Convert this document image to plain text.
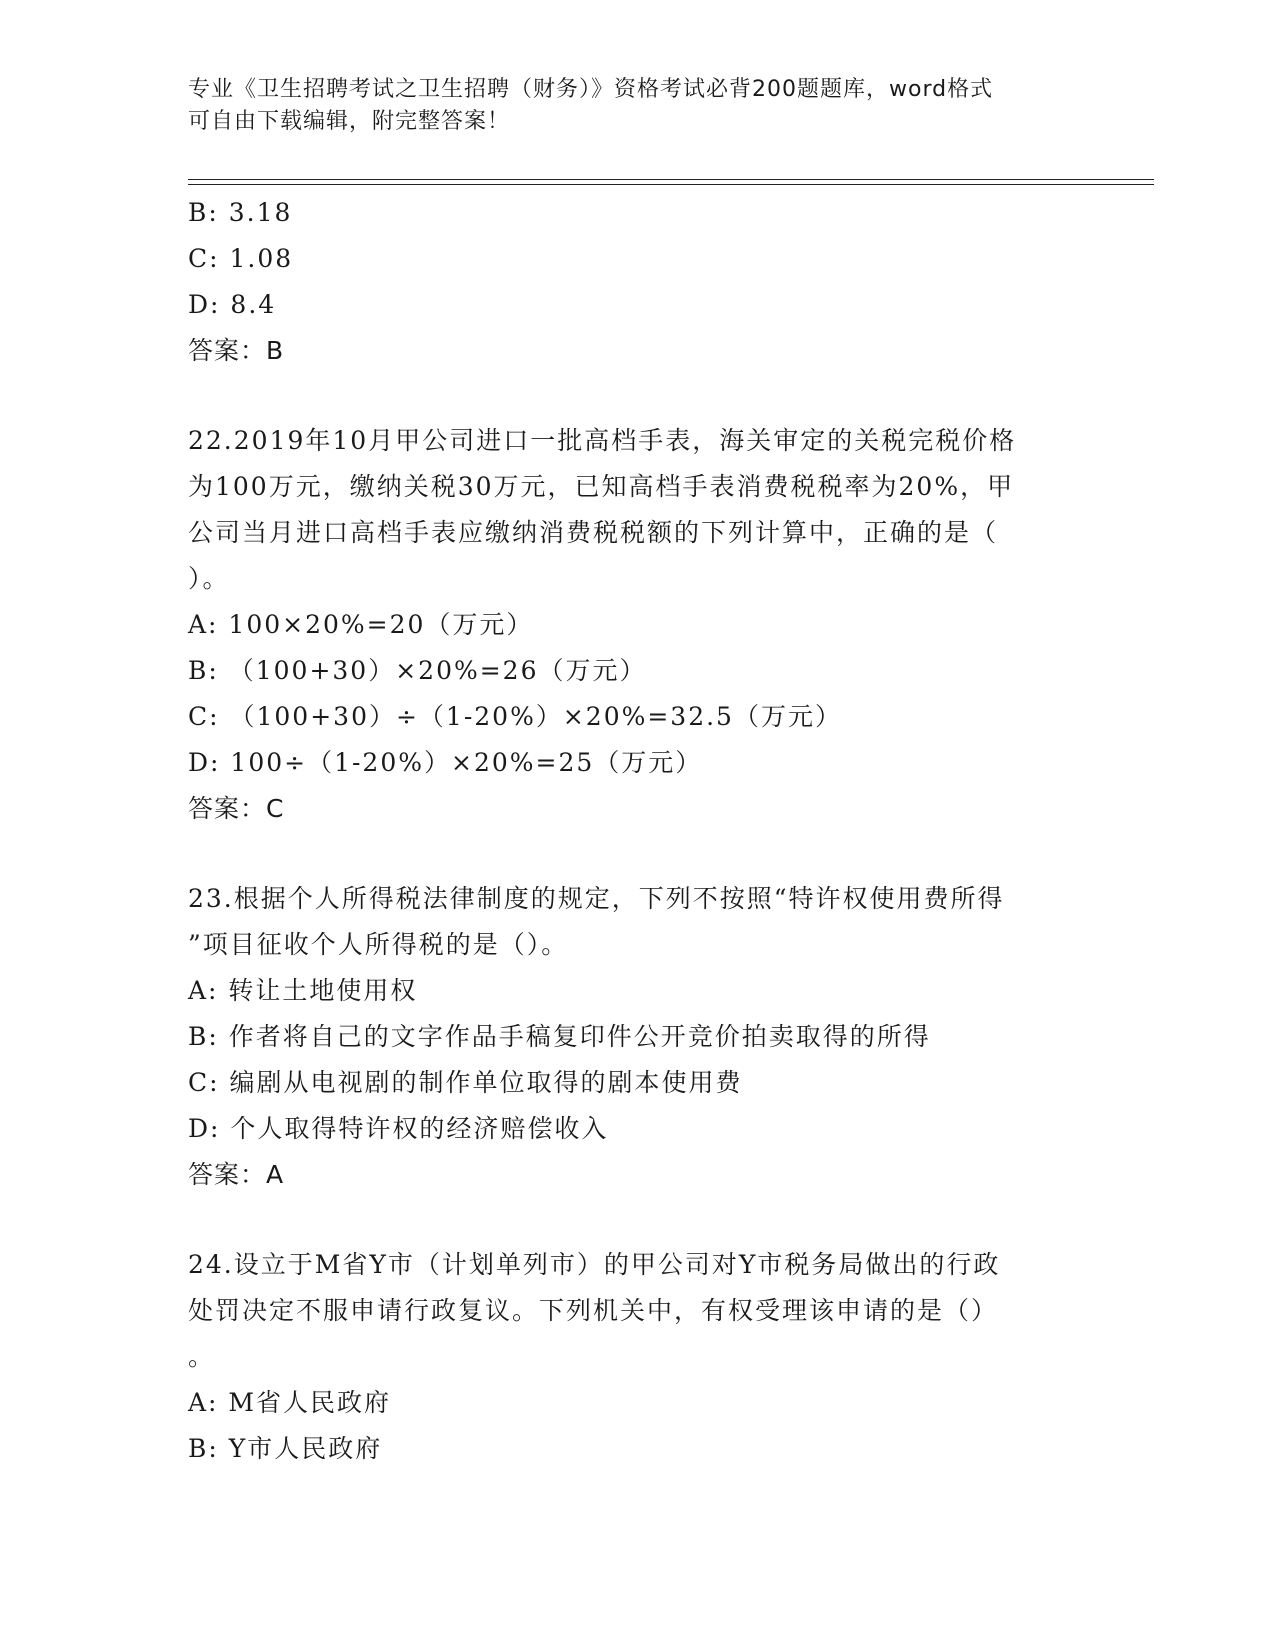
专业《卫生招聘考试之卫生招聘（财务）》资格考试必背200题题库，word格式
可自由下载编辑，附完整答案！
B: 3.18
C: 1.08
D: 8.4
答案：B
22.2019年10月甲公司进口一批高档手表，海关审定的关税完税价格
为100万元，缴纳关税30万元，已知高档手表消费税税率为20%，甲
公司当月进口高档手表应缴纳消费税税额的下列计算中，正确的是（
）。
A: 100×20%=20（万元）
B: （100+30）×20%=26（万元）
C: （100+30）÷（1-20%）×20%=32.5（万元）
D: 100÷（1-20%）×20%=25（万元）
答案：C
23.根据个人所得税法律制度的规定，下列不按照“特许权使用费所得
”项目征收个人所得税的是（）。
A: 转让土地使用权
B: 作者将自己的文字作品手稿复印件公开竞价拍卖取得的所得
C: 编剧从电视剧的制作单位取得的剧本使用费
D: 个人取得特许权的经济赔偿收入
答案：A
24.设立于M省Y市（计划单列市）的甲公司对Y市税务局做出的行政
处罚决定不服申请行政复议。下列机关中，有权受理该申请的是（）
。
A: M省人民政府
B: Y市人民政府
